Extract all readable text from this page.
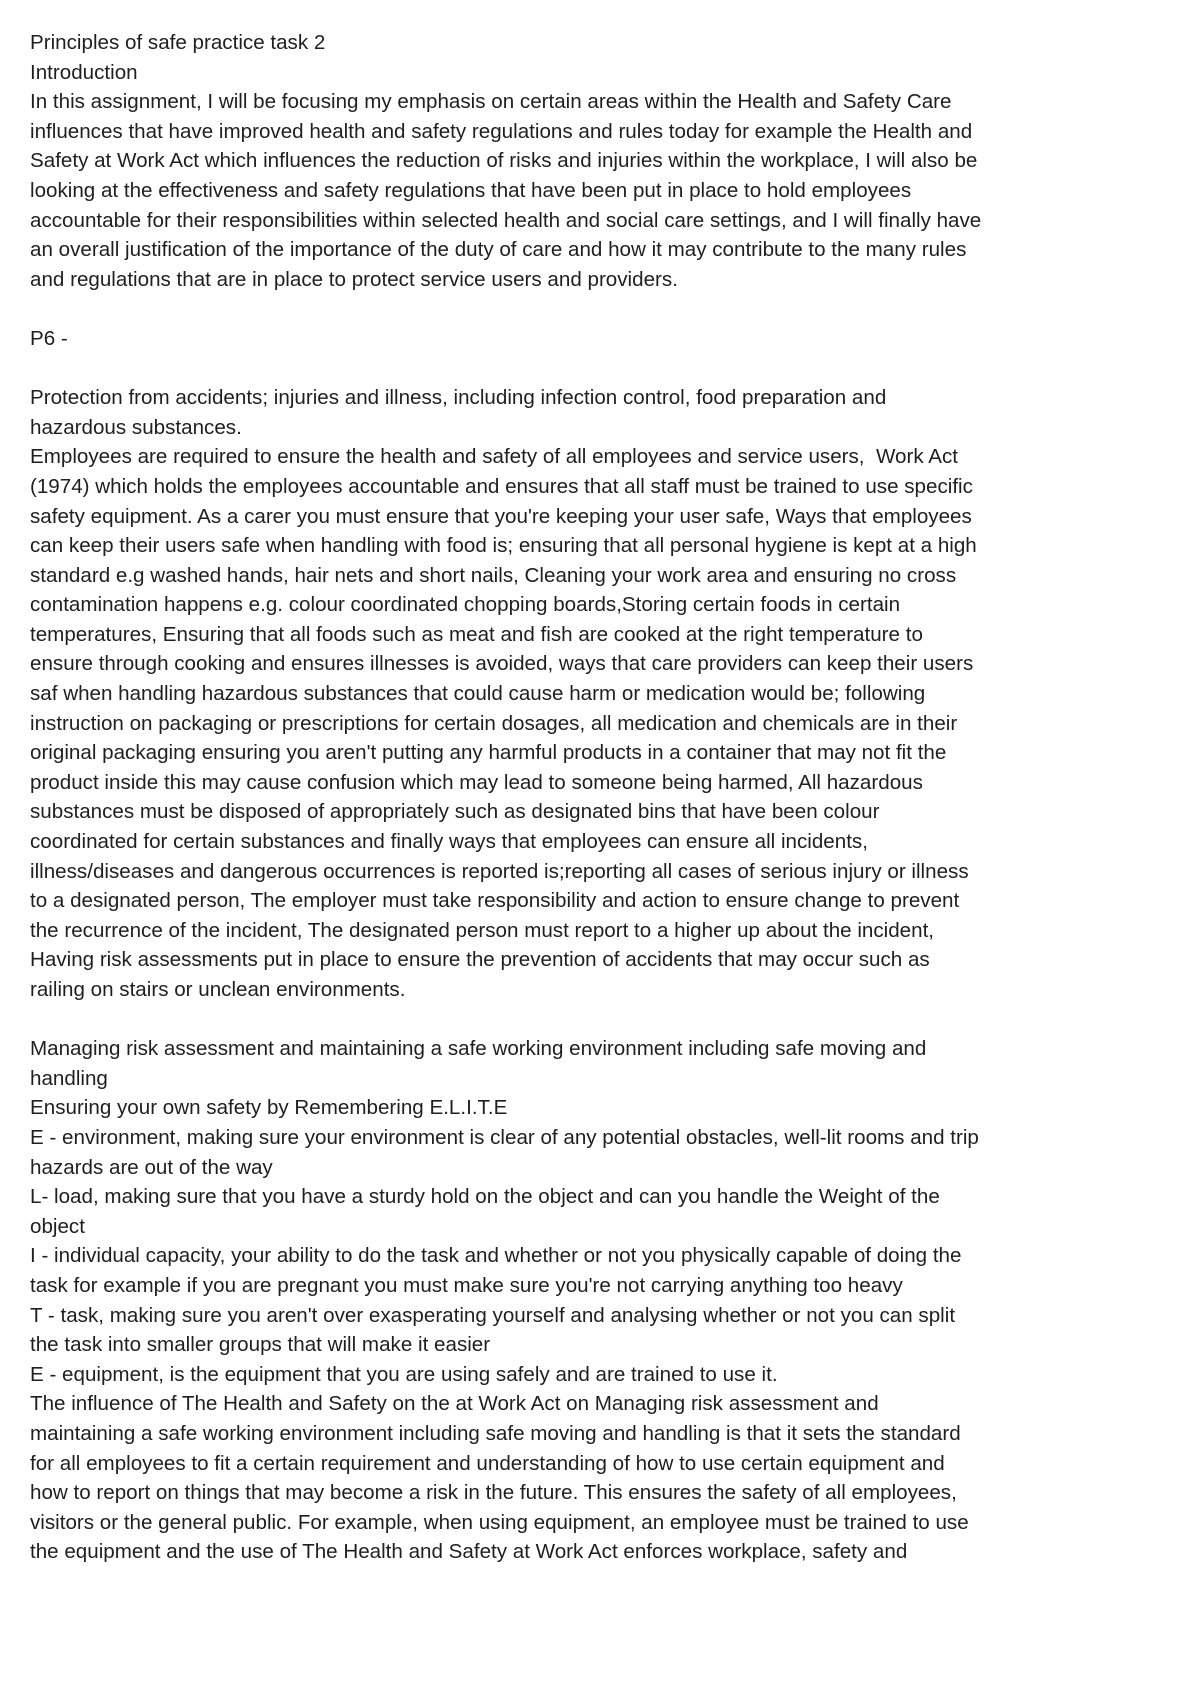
Principles of safe practice task 2
Introduction
In this assignment, I will be focusing my emphasis on certain areas within the Health and Safety Care
influences that have improved health and safety regulations and rules today for example the Health and
Safety at Work Act which influences the reduction of risks and injuries within the workplace, I will also be
looking at the effectiveness and safety regulations that have been put in place to hold employees
accountable for their responsibilities within selected health and social care settings, and I will finally have
an overall justification of the importance of the duty of care and how it may contribute to the many rules
and regulations that are in place to protect service users and providers.
P6 -
Protection from accidents; injuries and illness, including infection control, food preparation and
hazardous substances.
Employees are required to ensure the health and safety of all employees and service users,  Work Act
(1974) which holds the employees accountable and ensures that all staff must be trained to use specific
safety equipment. As a carer you must ensure that you're keeping your user safe, Ways that employees
can keep their users safe when handling with food is; ensuring that all personal hygiene is kept at a high
standard e.g washed hands, hair nets and short nails, Cleaning your work area and ensuring no cross
contamination happens e.g. colour coordinated chopping boards,Storing certain foods in certain
temperatures, Ensuring that all foods such as meat and fish are cooked at the right temperature to
ensure through cooking and ensures illnesses is avoided, ways that care providers can keep their users
saf when handling hazardous substances that could cause harm or medication would be; following
instruction on packaging or prescriptions for certain dosages, all medication and chemicals are in their
original packaging ensuring you aren't putting any harmful products in a container that may not fit the
product inside this may cause confusion which may lead to someone being harmed, All hazardous
substances must be disposed of appropriately such as designated bins that have been colour
coordinated for certain substances and finally ways that employees can ensure all incidents,
illness/diseases and dangerous occurrences is reported is;reporting all cases of serious injury or illness
to a designated person, The employer must take responsibility and action to ensure change to prevent
the recurrence of the incident, The designated person must report to a higher up about the incident,
Having risk assessments put in place to ensure the prevention of accidents that may occur such as
railing on stairs or unclean environments.
Managing risk assessment and maintaining a safe working environment including safe moving and
handling
Ensuring your own safety by Remembering E.L.I.T.E
E - environment, making sure your environment is clear of any potential obstacles, well-lit rooms and trip
hazards are out of the way
L- load, making sure that you have a sturdy hold on the object and can you handle the Weight of the
object
I - individual capacity, your ability to do the task and whether or not you physically capable of doing the
task for example if you are pregnant you must make sure you're not carrying anything too heavy
T - task, making sure you aren't over exasperating yourself and analysing whether or not you can split
the task into smaller groups that will make it easier
E - equipment, is the equipment that you are using safely and are trained to use it.
The influence of The Health and Safety on the at Work Act on Managing risk assessment and
maintaining a safe working environment including safe moving and handling is that it sets the standard
for all employees to fit a certain requirement and understanding of how to use certain equipment and
how to report on things that may become a risk in the future. This ensures the safety of all employees,
visitors or the general public. For example, when using equipment, an employee must be trained to use
the equipment and the use of The Health and Safety at Work Act enforces workplace, safety and
